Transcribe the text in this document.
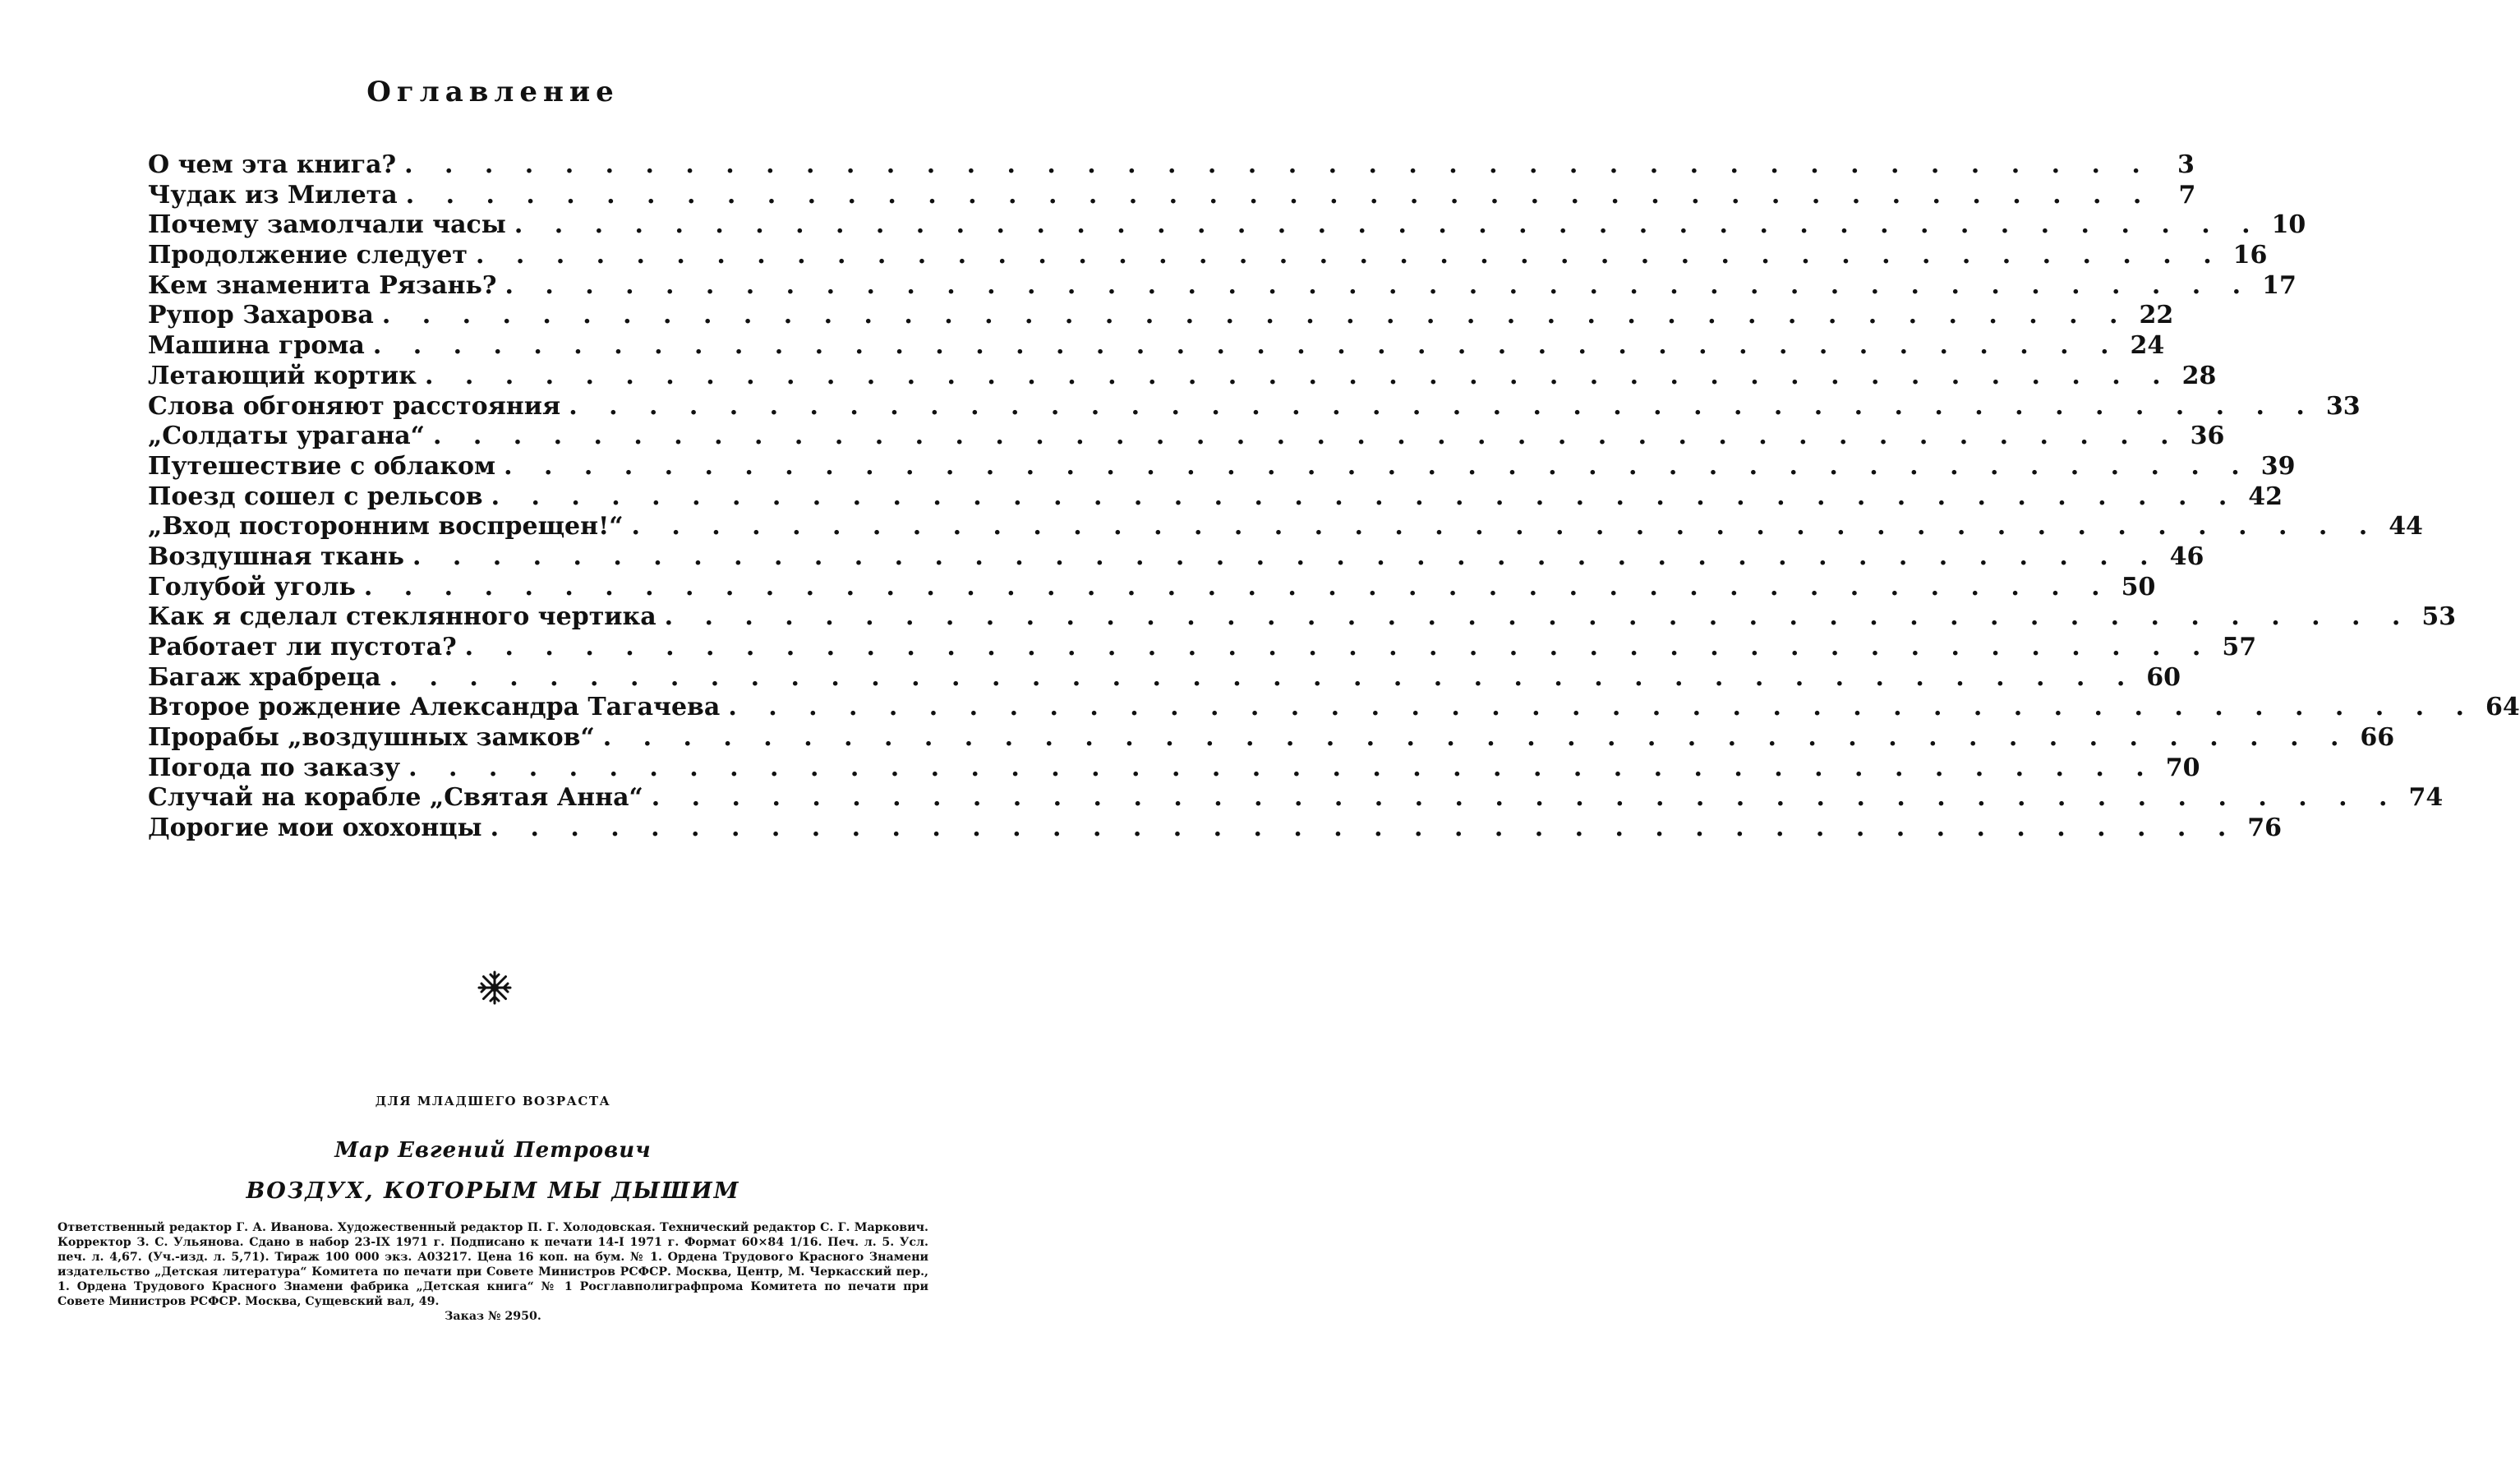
Оглавление
О чем эта книга? . . . . . . . . . . . . . . . . . . . . . . . . . . . . . . . . . . . . . . . . . . . .	3
Чудак из Милета . . . . . . . . . . . . . . . . . . . . . . . . . . . . . . . . . . . . . . . . . . . .	7
Почему замолчали часы . . . . . . . . . . . . . . . . . . . . . . . . . . . . . . . . . . . . . . . . . . . . 10
Продолжение следует . . . . . . . . . . . . . . . . . . . . . . . . . . . . . . . . . . . . . . . . . . . . 16
Кем знаменита Рязань? . . . . . . . . . . . . . . . . . . . . . . . . . . . . . . . . . . . . . . . . . . . . 17
Рупор Захарова . . . . . . . . . . . . . . . . . . . . . . . . . . . . . . . . . . . . . . . . . . . . 22
Машина грома . . . . . . . . . . . . . . . . . . . . . . . . . . . . . . . . . . . . . . . . . . . . 24
Летающий кортик . . . . . . . . . . . . . . . . . . . . . . . . . . . . . . . . . . . . . . . . . . . . 28
Слова обгоняют расстояния . . . . . . . . . . . . . . . . . . . . . . . . . . . . . . . . . . . . . . . . . . . . 33
„Солдаты урагана“ . . . . . . . . . . . . . . . . . . . . . . . . . . . . . . . . . . . . . . . . . . . . 36
Путешествие с облаком . . . . . . . . . . . . . . . . . . . . . . . . . . . . . . . . . . . . . . . . . . . . 39
Поезд сошел с рельсов . . . . . . . . . . . . . . . . . . . . . . . . . . . . . . . . . . . . . . . . . . . . 42
„Вход посторонним воспрещен!“ . . . . . . . . . . . . . . . . . . . . . . . . . . . . . . . . . . . . . . . . . . . . 44
Воздушная ткань . . . . . . . . . . . . . . . . . . . . . . . . . . . . . . . . . . . . . . . . . . . . 46
Голубой уголь . . . . . . . . . . . . . . . . . . . . . . . . . . . . . . . . . . . . . . . . . . . . 50
Как я сделал стеклянного чертика . . . . . . . . . . . . . . . . . . . . . . . . . . . . . . . . . . . . . . . . . . . . 53
Работает ли пустота? . . . . . . . . . . . . . . . . . . . . . . . . . . . . . . . . . . . . . . . . . . . . 57
Багаж храбреца . . . . . . . . . . . . . . . . . . . . . . . . . . . . . . . . . . . . . . . . . . . . 60
Второе рождение Александра Тагачева . . . . . . . . . . . . . . . . . . . . . . . . . . . . . . . . . . . . . . . . . . . . 64
Прорабы „воздушных замков“ . . . . . . . . . . . . . . . . . . . . . . . . . . . . . . . . . . . . . . . . . . . . 66
Погода по заказу . . . . . . . . . . . . . . . . . . . . . . . . . . . . . . . . . . . . . . . . . . . . 70
Случай на корабле „Святая Анна“ . . . . . . . . . . . . . . . . . . . . . . . . . . . . . . . . . . . . . . . . . . . . 74
Дорогие мои охохонцы . . . . . . . . . . . . . . . . . . . . . . . . . . . . . . . . . . . . . . . . . . . . 76
ДЛЯ МЛАДШЕГО ВОЗРАСТА
Мар Евгений Петрович
ВОЗДУХ, КОТОРЫМ МЫ ДЫШИМ

Ответственный редактор Г. А. Иванова. Художественный редактор П. Г. Холодовская. Технический редактор С. Г. Маркович. Корректор З. С. Ульянова. Сдано в набор 23-IX 1971 г. Подписано к печати 14-I 1971 г. Формат 60×84 1/16. Печ. л. 5. Усл. печ. л. 4,67. (Уч.-изд. л. 5,71). Тираж 100 000 экз. А03217. Цена 16 коп. на бум. № 1. Ордена Трудового Красного Знамени издательство „Детская литература“ Комитета по печати при Совете Министров РСФСР. Москва, Центр, М. Черкасский пер., 1. Ордена Трудового Красного Знамени фабрика „Детская книга“ № 1 Росглавполиграфпрома Комитета по печати при Совете Министров РСФСР. Москва, Сущевский вал, 49.

Заказ № 2950.
